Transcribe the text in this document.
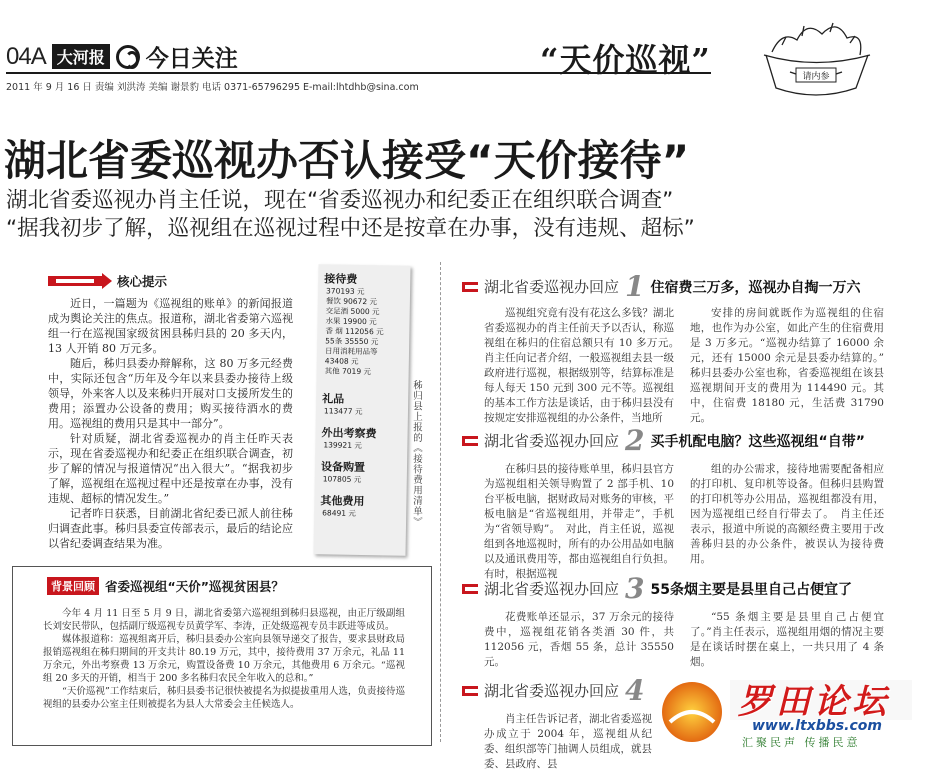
04A 大河报 今日关注
2011 年 9 月 16 日 责编 刘洪涛 美编 谢景豹 电话 0371-65796295 E-mail:lhtdhb@sina.com
“天价巡视”	请内参
湖北省委巡视办否认接受“天价接待”
湖北省委巡视办肖主任说，现在“省委巡视办和纪委正在组织联合调查”
“据我初步了解，巡视组在巡视过程中还是按章在办事，没有违规、超标”
核心提示

近日，一篇题为《巡视组的账单》的新闻报道成为舆论关注的焦点。报道称，湖北省委第六巡视组一行在巡视国家级贫困县秭归县的 20 多天内，13 人开销 80 万元多。

随后，秭归县委办辩解称，这 80 万多元经费中，实际还包含“历年及今年以来县委办接待上级领导，外来客人以及来秭归开展对口支援所发生的费用；添置办公设备的费用；购买接待酒水的费用。巡视组的费用只是其中一部分”。

针对质疑，湖北省委巡视办的肖主任昨天表示，现在省委巡视办和纪委正在组织联合调查，初步了解的情况与报道情况“出入很大”。“据我初步了解，巡视组在巡视过程中还是按章在办事，没有违规、超标的情况发生。”

记者昨日获悉，目前湖北省纪委已派人前往秭归调查此事。秭归县委宣传部表示，最后的结论应以省纪委调查结果为准。

接待费
370193 元
餐饮 90672 元
交足酒 5000 元
水果 19900 元
香 烟 112056 元
55条 35550 元
日用消耗用品等
43408 元
其他 7019 元
礼品
113477 元
外出考察费
139921 元
设备购置
107805 元
其他费用
68491 元	秭归县上报的《接待费用清单》
背景回顾 省委巡视组“天价”巡视贫困县？

今年 4 月 11 日至 5 月 9 日，湖北省委第六巡视组到秭归县巡视，由正厅级副组长刘安民带队，包括副厅级巡视专员黄学军、李涛，正处级巡视专员丰跃进等成员。

媒体报道称：巡视组离开后，秭归县委办公室向县领导递交了报告，要求县财政局报销巡视组在秭归期间的开支共计 80.19 万元，其中，接待费用 37 万余元，礼品 11 万余元，外出考察费 13 万余元，购置设备费 10 万余元，其他费用 6 万余元。“巡视组 20 多天的开销，相当于 200 多名秭归农民全年收入的总和。”

“天价巡视”工作结束后，秭归县委书记很快被提名为拟提拔重用人选，负责接待巡视组的县委办公室主任则被提名为县人大常委会主任候选人。

湖北省委巡视办回应 1 住宿费三万多，巡视办自掏一万六

巡视组究竟有没有花这么多钱？湖北省委巡视办的肖主任前天予以否认，称巡视组在秭归的住宿总额只有 10 多万元。　肖主任向记者介绍，一般巡视组去县一级政府进行巡视，根据级别等，结算标准是每人每天 150 元到 300 元不等。巡视组的基本工作方法是谈话，由于秭归县没有按规定安排巡视组的办公条件，当地所

安排的房间就既作为巡视组的住宿地，也作为办公室，如此产生的住宿费用是 3 万多元。“巡视办结算了 16000 余元，还有 15000 余元是县委办结算的。”　秭归县委办公室也称，省委巡视组在该县巡视期间开支的费用为 114490 元。其中，住宿费 18180 元，生活费 31790 元。

湖北省委巡视办回应 2 买手机配电脑？这些巡视组“自带”

在秭归县的接待账单里，秭归县官方为巡视组相关领导购置了 2 部手机、10 台平板电脑，据财政局对账务的审核，平板电脑是“省巡视组用，并带走”，手机为“省领导购”。　对此，肖主任说，巡视组到各地巡视时，所有的办公用品如电脑以及通讯费用等，都由巡视组自行负担。有时，根据巡视

组的办公需求，接待地需要配备相应的打印机、复印机等设备。但秭归县购置的打印机等办公用品，巡视组都没有用，因为巡视组已经自行带去了。　肖主任还表示，报道中所说的高额经费主要用于改善秭归县的办公条件，被误认为接待费用。

湖北省委巡视办回应 3 55条烟主要是县里自己占便宜了

花费账单还显示，37 万余元的接待费中，巡视组花销各类酒 30 件，共 112056 元，香烟 55 条，总计 35550 元。

“55 条烟主要是县里自己占便宜了。”肖主任表示，巡视组用烟的情况主要是在谈话时摆在桌上，一共只用了 4 条烟。

湖北省委巡视办回应 4

肖主任告诉记者，湖北省委巡视办成立于 2004 年，巡视组从纪委、组织部等门抽调人员组成，就县委、县政府、县

罗田论坛
www.ltxbbs.com
汇聚民声 传播民意
